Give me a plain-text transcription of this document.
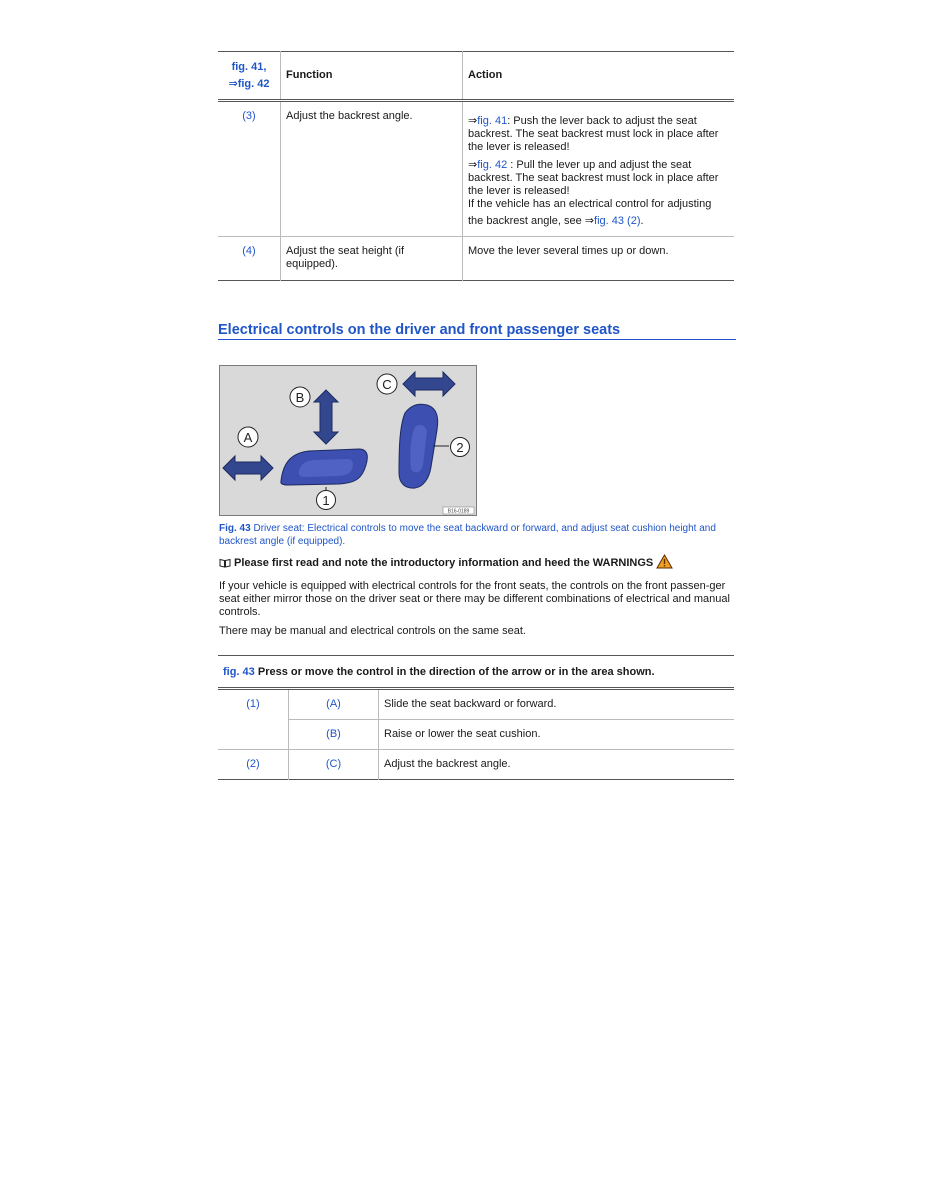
fig. 41,
⇒fig. 42	Function	Action
(3)	Adjust the backrest angle.	⇒fig. 41: Push the lever back to adjust the seat backrest. The seat backrest must lock in place after the lever is released!

⇒fig. 42 : Pull the lever up and adjust the seat backrest. The seat backrest must lock in place after the lever is released!

If the vehicle has an electrical control for adjusting

the backrest angle, see ⇒fig. 43 (2).

(4)	Adjust the seat height (if equipped).	Move the lever several times up or down.
Electrical controls on the driver and front passenger seats
A
B
C
1
2
B16-0189
Fig. 43 Driver seat: Electrical controls to move the seat backward or forward, and adjust seat cushion height and backrest angle (if equipped).
Please first read and note the introductory information and heed the WARNINGS

If your vehicle is equipped with electrical controls for the front seats, the controls on the front passen-ger seat either mirror those on the driver seat or there may be different combinations of electrical and manual controls.

There may be manual and electrical controls on the same seat.

fig. 43 Press or move the control in the direction of the arrow or in the area shown.		
(1)	(A)	Slide the seat backward or forward.
	(B)	Raise or lower the seat cushion.
(2)	(C)	Adjust the backrest angle.
